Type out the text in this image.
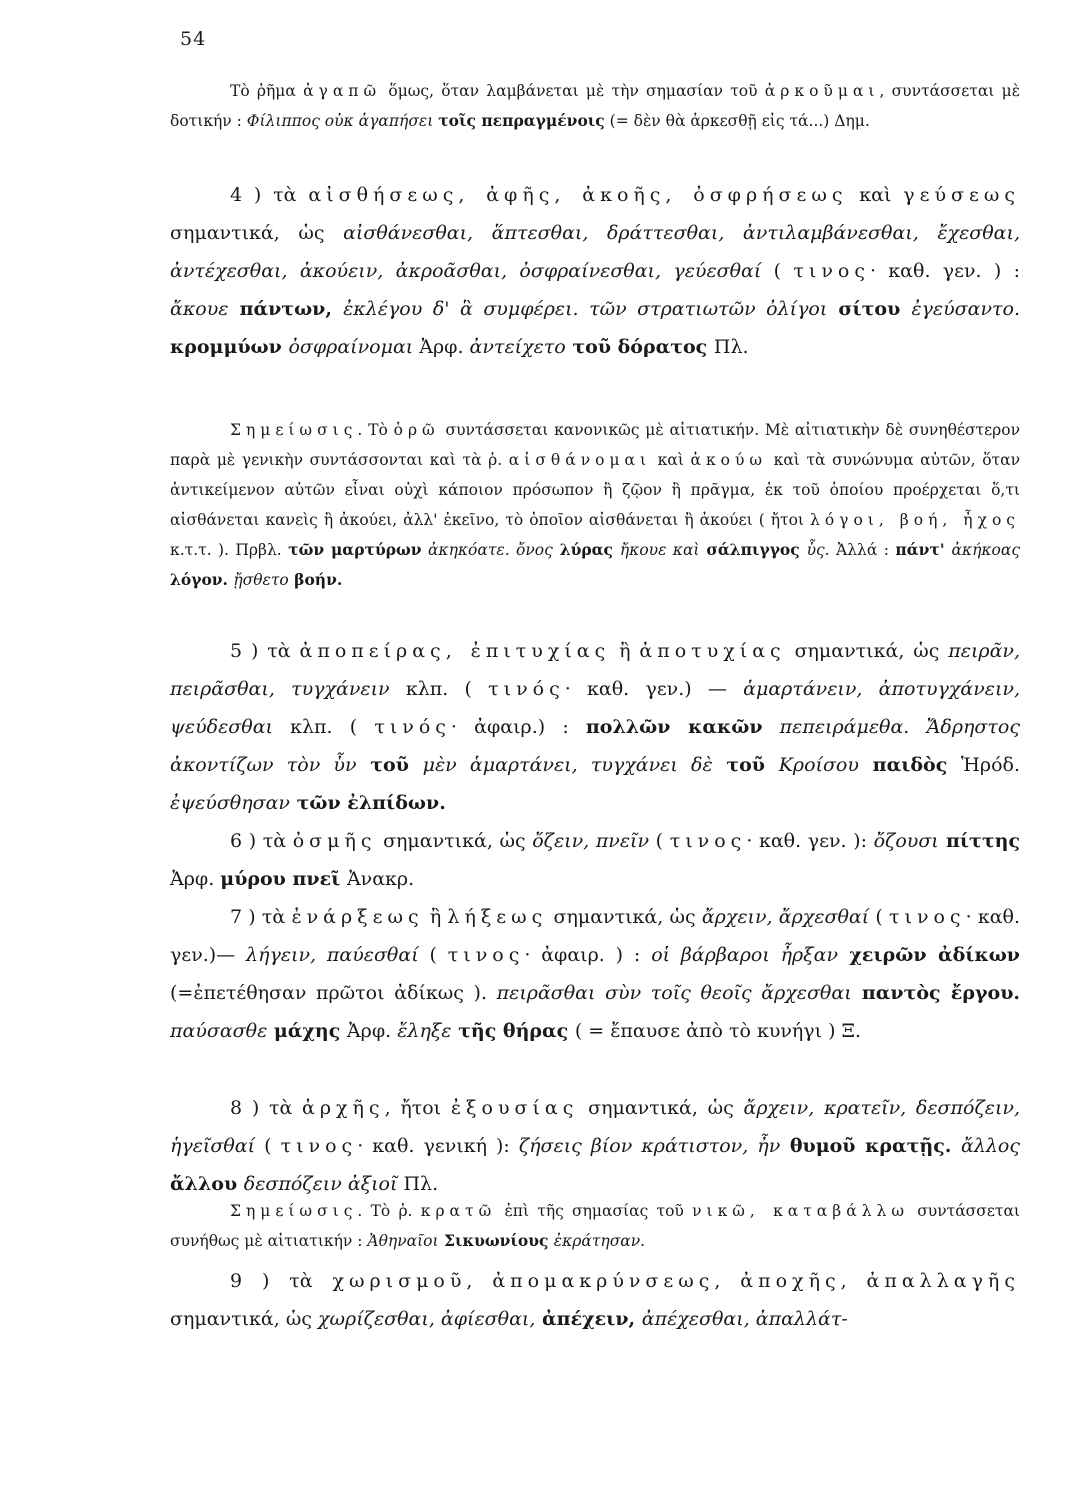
54

Τὸ ῥῆμα ἀγαπῶ ὅμως, ὅταν λαμβάνεται μὲ τὴν σημασίαν τοῦ ἀρκοῦμαι, συντάσσεται μὲ δοτικήν : Φίλιππος οὐκ ἀγαπήσει τοῖς πεπραγμένοις (= δὲν θὰ ἀρκεσθῇ εἰς τά...) Δημ.

4 ) τὰ αἰσθήσεως, ἀφῆς, ἀκοῆς, ὀσφρήσεως καὶ γεύσεως σημαντικά, ὡς αἰσθάνεσθαι, ἅπτεσθαι, δράττεσθαι, ἀντιλαμβάνεσθαι, ἔχεσθαι, ἀντέχεσθαι, ἀκούειν, ἀκροᾶσθαι, ὀσφραίνεσθαι, γεύεσθαί ( τινος· καθ. γεν. ) : ἄκουε πάντων, ἐκλέγου δ' ἃ συμφέρει. τῶν στρατιωτῶν ὀλίγοι σίτου ἐγεύσαντο. κρομμύων ὀσφραίνομαι Ἀρφ. ἀντείχετο τοῦ δόρατος Πλ.

Σημείωσις. Τὸ ὁρῶ συντάσσεται κανονικῶς μὲ αἰτιατικήν. Μὲ αἰτιατικὴν δὲ συνηθέστερον παρὰ μὲ γενικὴν συντάσσονται καὶ τὰ ῥ. αἰσθάνομαι καὶ ἀκούω καὶ τὰ συνώνυμα αὐτῶν, ὅταν ἀντικείμενον αὐτῶν εἶναι οὐχὶ κάποιον πρόσωπον ἢ ζῷον ἢ πρᾶγμα, ἐκ τοῦ ὁποίου προέρχεται ὅ,τι αἰσθάνεται κανεὶς ἢ ἀκούει, ἀλλ' ἐκεῖνο, τὸ ὁποῖον αἰσθάνεται ἢ ἀκούει ( ἤτοι λόγοι, βοή, ἦχος κ.τ.τ. ). Πρβλ. τῶν μαρτύρων ἀκηκόατε. ὄνος λύρας ἤκουε καὶ σάλπιγγος ὗς. Ἀλλά : πάντ' ἀκήκοας λόγον. ᾔσθετο βοήν.

5 ) τὰ ἀποπείρας, ἐπιτυχίας ἢ ἀποτυχίας σημαντικά, ὡς πειρᾶν, πειρᾶσθαι, τυγχάνειν κλπ. ( τινός· καθ. γεν.) — ἁμαρτάνειν, ἀποτυγχάνειν, ψεύδεσθαι κλπ. ( τινός· ἀφαιρ.) : πολλῶν κακῶν πεπειράμεθα. Ἄδρηστος ἀκοντίζων τὸν ὗν τοῦ μὲν ἁμαρτάνει, τυγχάνει δὲ τοῦ Κροίσου παιδὸς Ἡρόδ. ἐψεύσθησαν τῶν ἐλπίδων.

6 ) τὰ ὀσμῆς σημαντικά, ὡς ὄζειν, πνεῖν ( τινος· καθ. γεν. ): ὄζουσι πίττης Ἀρφ. μύρου πνεῖ Ἀνακρ.

7 ) τὰ ἐνάρξεως ἢ λήξεως σημαντικά, ὡς ἄρχειν, ἄρχεσθαί ( τινος· καθ. γεν.)— λήγειν, παύεσθαί ( τινος· ἀφαιρ. ) : οἱ βάρβαροι ἦρξαν χειρῶν ἀδίκων (=ἐπετέθησαν πρῶτοι ἀδίκως ). πειρᾶσθαι σὺν τοῖς θεοῖς ἄρχεσθαι παντὸς ἔργου. παύσασθε μάχης Ἀρφ. ἔληξε τῆς θήρας ( = ἔπαυσε ἀπὸ τὸ κυνήγι ) Ξ.

8 ) τὰ ἀρχῆς, ἤτοι ἐξουσίας σημαντικά, ὡς ἄρχειν, κρατεῖν, δεσπόζειν, ἡγεῖσθαί ( τινος· καθ. γενική ): ζήσεις βίον κράτιστον, ἦν θυμοῦ κρατῇς. ἄλλος ἄλλου δεσπόζειν ἀξιοῖ Πλ.

Σημείωσις. Τὸ ῥ. κρατῶ ἐπὶ τῆς σημασίας τοῦ νικῶ, καταβάλλω συντάσσεται συνήθως μὲ αἰτιατικήν : Ἀθηναῖοι Σικυωνίους ἐκράτησαν.

9 ) τὰ χωρισμοῦ, ἀπομακρύνσεως, ἀποχῆς, ἀπαλλαγῆς σημαντικά, ὡς χωρίζεσθαι, ἀφίεσθαι, ἀπέχειν, ἀπέχεσθαι, ἀπαλλάτ-
